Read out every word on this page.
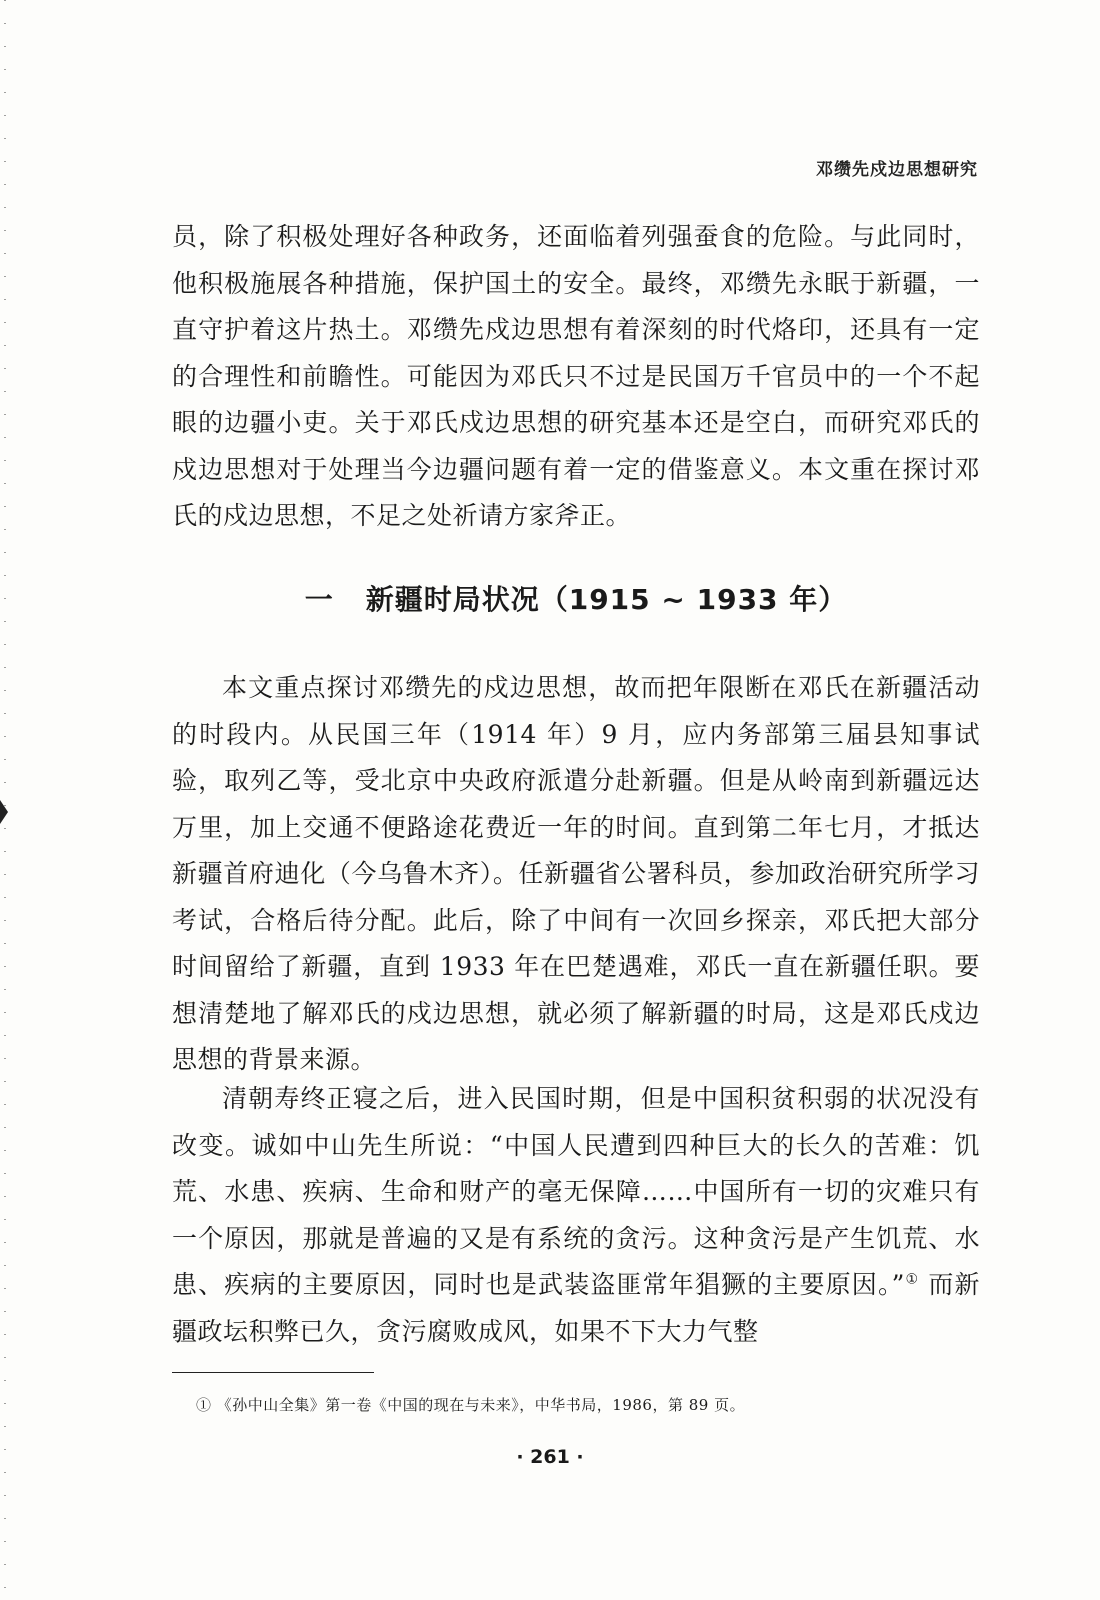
邓缵先戍边思想研究

员，除了积极处理好各种政务，还面临着列强蚕食的危险。与此同时，他积极施展各种措施，保护国土的安全。最终，邓缵先永眠于新疆，一直守护着这片热土。邓缵先戍边思想有着深刻的时代烙印，还具有一定的合理性和前瞻性。可能因为邓氏只不过是民国万千官员中的一个不起眼的边疆小吏。关于邓氏戍边思想的研究基本还是空白，而研究邓氏的戍边思想对于处理当今边疆问题有着一定的借鉴意义。本文重在探讨邓氏的戍边思想，不足之处祈请方家斧正。

一 新疆时局状况（1915 ~ 1933 年）

本文重点探讨邓缵先的戍边思想，故而把年限断在邓氏在新疆活动的时段内。从民国三年（1914 年）9 月，应内务部第三届县知事试验，取列乙等，受北京中央政府派遣分赴新疆。但是从岭南到新疆远达万里，加上交通不便路途花费近一年的时间。直到第二年七月，才抵达新疆首府迪化（今乌鲁木齐）。任新疆省公署科员，参加政治研究所学习考试，合格后待分配。此后，除了中间有一次回乡探亲，邓氏把大部分时间留给了新疆，直到 1933 年在巴楚遇难，邓氏一直在新疆任职。要想清楚地了解邓氏的戍边思想，就必须了解新疆的时局，这是邓氏戍边思想的背景来源。

清朝寿终正寝之后，进入民国时期，但是中国积贫积弱的状况没有改变。诚如中山先生所说：“中国人民遭到四种巨大的长久的苦难：饥荒、水患、疾病、生命和财产的毫无保障……中国所有一切的灾难只有一个原因，那就是普遍的又是有系统的贪污。这种贪污是产生饥荒、水患、疾病的主要原因，同时也是武装盗匪常年猖獗的主要原因。”① 而新疆政坛积弊已久，贪污腐败成风，如果不下大力气整

① 《孙中山全集》第一卷《中国的现在与未来》，中华书局，1986，第 89 页。
· 261 ·
